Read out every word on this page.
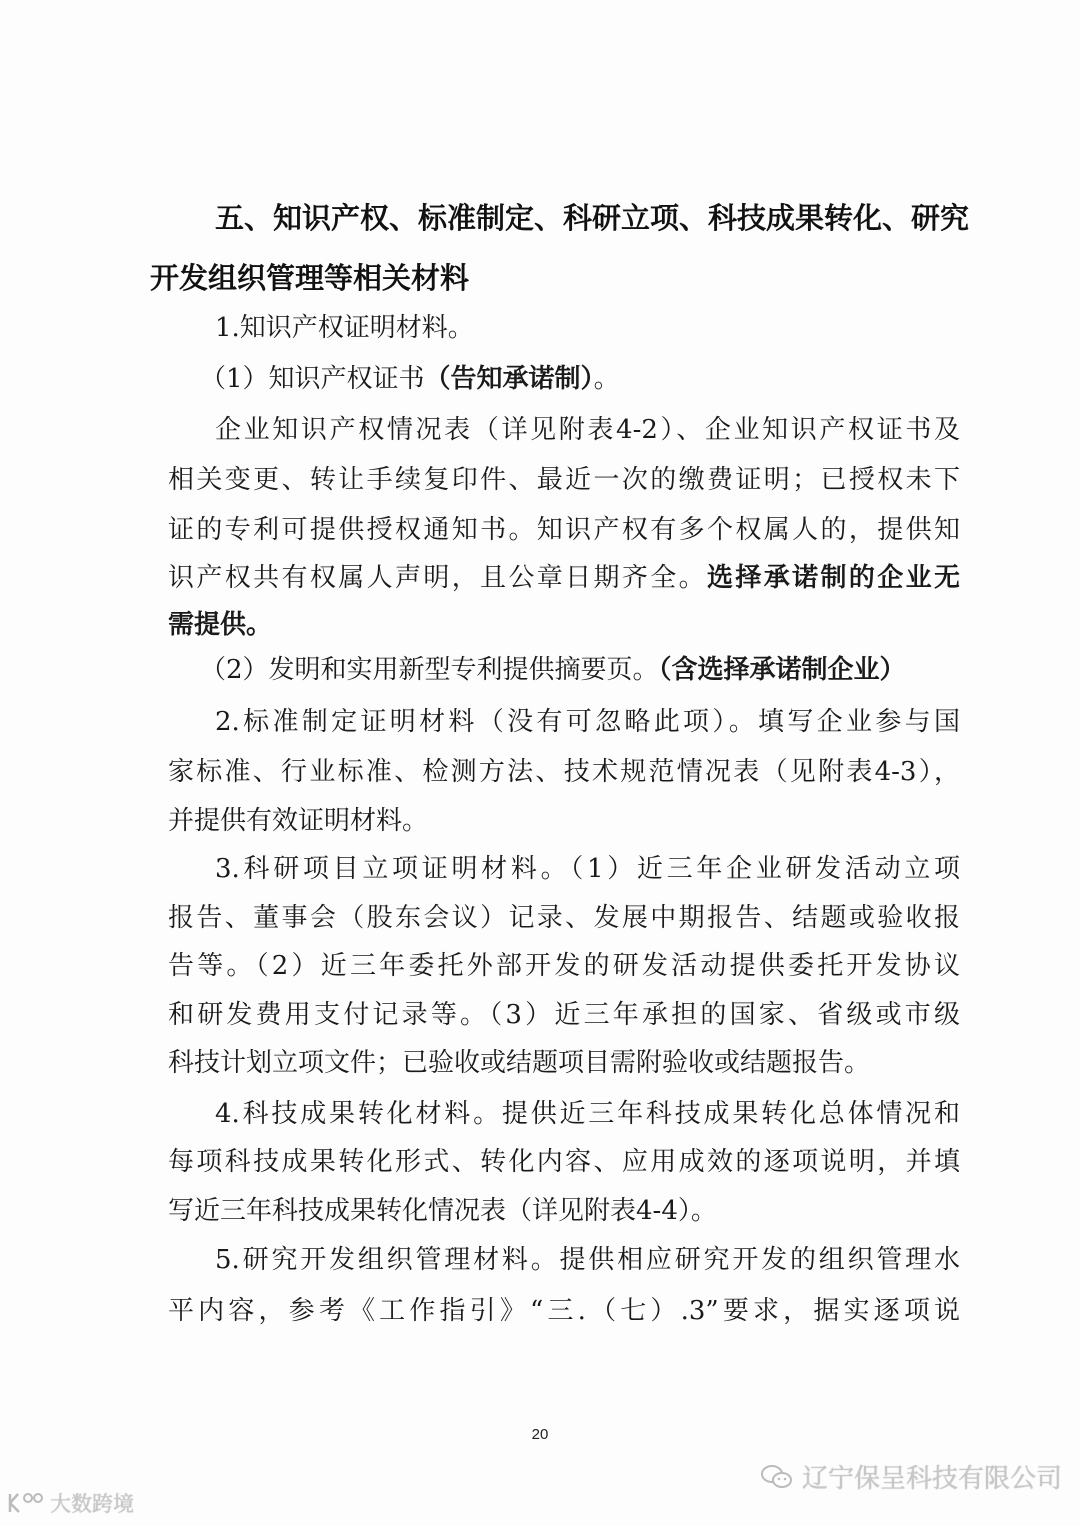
五、知识产权、标准制定、科研立项、科技成果转化、研究
开发组织管理等相关材料
1.知识产权证明材料。
（1）知识产权证书（告知承诺制）。
企业知识产权情况表（详见附表4-2）、企业知识产权证书及
相关变更、转让手续复印件、最近一次的缴费证明；已授权未下
证的专利可提供授权通知书。知识产权有多个权属人的，提供知
识产权共有权属人声明，且公章日期齐全。选择承诺制的企业无
需提供。
（2）发明和实用新型专利提供摘要页。（含选择承诺制企业）
2.标准制定证明材料（没有可忽略此项）。填写企业参与国
家标准、行业标准、检测方法、技术规范情况表（见附表4-3），
并提供有效证明材料。
3.科研项目立项证明材料。（1）近三年企业研发活动立项
报告、董事会（股东会议）记录、发展中期报告、结题或验收报
告等。（2）近三年委托外部开发的研发活动提供委托开发协议
和研发费用支付记录等。（3）近三年承担的国家、省级或市级
科技计划立项文件；已验收或结题项目需附验收或结题报告。
4.科技成果转化材料。提供近三年科技成果转化总体情况和
每项科技成果转化形式、转化内容、应用成效的逐项说明，并填
写近三年科技成果转化情况表（详见附表4-4）。
5.研究开发组织管理材料。提供相应研究开发的组织管理水
平内容，参考《工作指引》“三.（七）.3”要求，据实逐项说
20
辽宁保呈科技有限公司
大数跨境
